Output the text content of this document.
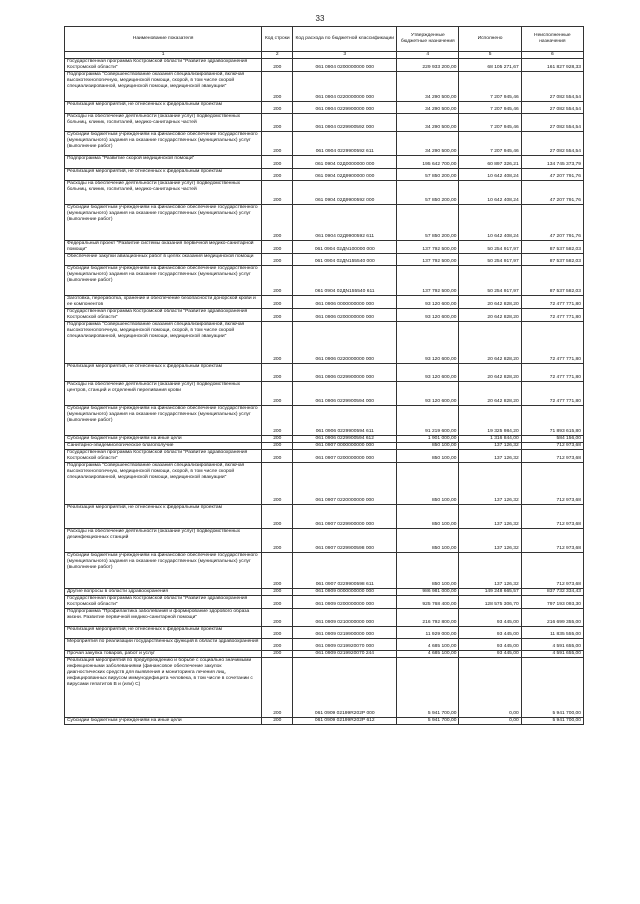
33
Наименование показателя	Код строки	Код расхода по бюджетной классификации	Утвержденные бюджетные назначения	Исполнено	Неисполненные назначения
1	2	3	4	5	6
Государственная программа Костромской области "Развитие здравоохранения Костромской области"	200	061 0904 0200000000 000	229 933 200,00	68 105 271,67	161 827 928,33
Подпрограмма "Совершенствование оказания специализированной, включая высокотехнологичную, медицинской помощи, скорой, в том числе скорой специализированной, медицинской помощи, медицинской эвакуации"	200	061 0904 0220000000 000	34 290 500,00	7 207 945,46	27 082 554,54
Реализация мероприятий, не отнесенных к федеральным проектам	200	061 0904 0229900000 000	34 290 500,00	7 207 945,46	27 082 554,54
Расходы на обеспечение деятельности (оказание услуг) подведомственных больниц, клиник, госпиталей, медико-санитарных частей	200	061 0904 0229900592 000	34 290 500,00	7 207 945,46	27 082 554,54
Субсидии бюджетным учреждениям на финансовое обеспечение государственного (муниципального) задания на оказание государственных (муниципальных) услуг (выполнение работ)	200	061 0904 0229900592 611	34 290 500,00	7 207 945,46	27 082 554,54
Подпрограмма "Развитие скорой медицинской помощи"	200	061 0904 02Д0000000 000	195 642 700,00	60 897 326,21	134 745 373,79
Реализация мероприятий, не отнесенных к федеральным проектам	200	061 0904 02Д9900000 000	57 850 200,00	10 642 408,24	47 207 791,76
Расходы на обеспечение деятельности (оказание услуг) подведомственных больниц, клиник, госпиталей, медико-санитарных частей	200	061 0904 02Д9900592 000	57 850 200,00	10 642 408,24	47 207 791,76
Субсидии бюджетным учреждениям на финансовое обеспечение государственного (муниципального) задания на оказание государственных (муниципальных) услуг (выполнение работ)	200	061 0904 02Д9900592 611	57 850 200,00	10 642 408,24	47 207 791,76
Федеральный проект "Развитие системы оказания первичной медико-санитарной помощи"	200	061 0904 02ДN100000 000	137 792 500,00	50 254 917,97	87 537 582,03
Обеспечение закупки авиационных работ в целях оказания медицинской помощи	200	061 0904 02ДN155540 000	137 792 500,00	50 254 917,97	87 537 582,03
Субсидии бюджетным учреждениям на финансовое обеспечение государственного (муниципального) задания на оказание государственных (муниципальных) услуг (выполнение работ)	200	061 0904 02ДN155540 611	137 792 500,00	50 254 917,97	87 537 582,03
Заготовка, переработка, хранение и обеспечение безопасности донорской крови и ее компонентов	200	061 0906 0000000000 000	93 120 600,00	20 642 828,20	72 477 771,80
Государственная программа Костромской области "Развитие здравоохранения Костромской области"	200	061 0906 0200000000 000	93 120 600,00	20 642 828,20	72 477 771,80
Подпрограмма "Совершенствование оказания специализированной, включая высокотехнологичную, медицинской помощи, скорой, в том числе скорой специализированной, медицинской помощи, медицинской эвакуации"	200	061 0906 0220000000 000	93 120 600,00	20 642 828,20	72 477 771,80
Реализация мероприятий, не отнесенных к федеральным проектам	200	061 0906 0229900000 000	93 120 600,00	20 642 828,20	72 477 771,80
Расходы на обеспечение деятельности (оказание услуг) подведомственных центров, станций и отделений переливания крови	200	061 0906 0229900594 000	93 120 600,00	20 642 828,20	72 477 771,80
Субсидии бюджетным учреждениям на финансовое обеспечение государственного (муниципального) задания на оказание государственных (муниципальных) услуг (выполнение работ)	200	061 0906 0229900594 611	91 219 600,00	19 325 984,20	71 893 615,80
Субсидии бюджетным учреждениям на иные цели	200	061 0906 0229900594 612	1 901 000,00	1 316 844,00	584 156,00
Санитарно-эпидемиологическое благополучие	200	061 0907 0000000000 000	850 100,00	137 126,32	712 973,68
Государственная программа Костромской области "Развитие здравоохранения Костромской области"	200	061 0907 0200000000 000	850 100,00	137 126,32	712 973,68
Подпрограмма "Совершенствование оказания специализированной, включая высокотехнологичную, медицинской помощи, скорой, в том числе скорой специализированной, медицинской помощи, медицинской эвакуации"	200	061 0907 0220000000 000	850 100,00	137 126,32	712 973,68
Реализация мероприятий, не отнесенных к федеральным проектам	200	061 0907 0229900000 000	850 100,00	137 126,32	712 973,68
Расходы на обеспечение деятельности (оказание услуг) подведомственных дезинфекционных станций	200	061 0907 0229900598 000	850 100,00	137 126,32	712 973,68
Субсидии бюджетным учреждениям на финансовое обеспечение государственного (муниципального) задания на оказание государственных (муниципальных) услуг (выполнение работ)	200	061 0907 0229900598 611	850 100,00	137 126,32	712 973,68
Другие вопросы в области здравоохранения	200	061 0909 0000000000 000	986 981 000,00	149 248 665,57	837 732 334,43
Государственная программа Костромской области "Развитие здравоохранения Костромской области"	200	061 0909 0200000000 000	925 768 400,00	128 575 306,70	797 193 093,30
Подпрограмма "Профилактика заболеваний и формирование здорового образа жизни. Развитие первичной медико-санитарной помощи"	200	061 0909 0210000000 000	216 792 800,00	93 445,00	216 699 355,00
Реализация мероприятий, не отнесенных к федеральным проектам	200	061 0909 0219900000 000	11 929 000,00	93 445,00	11 835 555,00
Мероприятия по реализации государственных функций в области здравоохранения	200	061 0909 0219920070 000	4 685 100,00	93 445,00	4 591 655,00
Прочая закупка товаров, работ и услуг	200	061 0909 0219920070 244	4 685 100,00	93 445,00	4 591 655,00
Реализация мероприятий по предупреждению и борьбе с социально значимыми инфекционными заболеваниями (финансовое обеспечение закупок диагностических средств для выявления и мониторинга лечения лиц, инфицированных вирусом иммунодефицита человека, в том числе в сочетании с вирусами гепатитов В и (или) С)	200	061 0909 02199R202P 000	5 941 700,00	0,00	5 941 700,00
Субсидии бюджетным учреждениям на иные цели	200	061 0909 02199R202P 612	5 941 700,00	0,00	5 941 700,00
